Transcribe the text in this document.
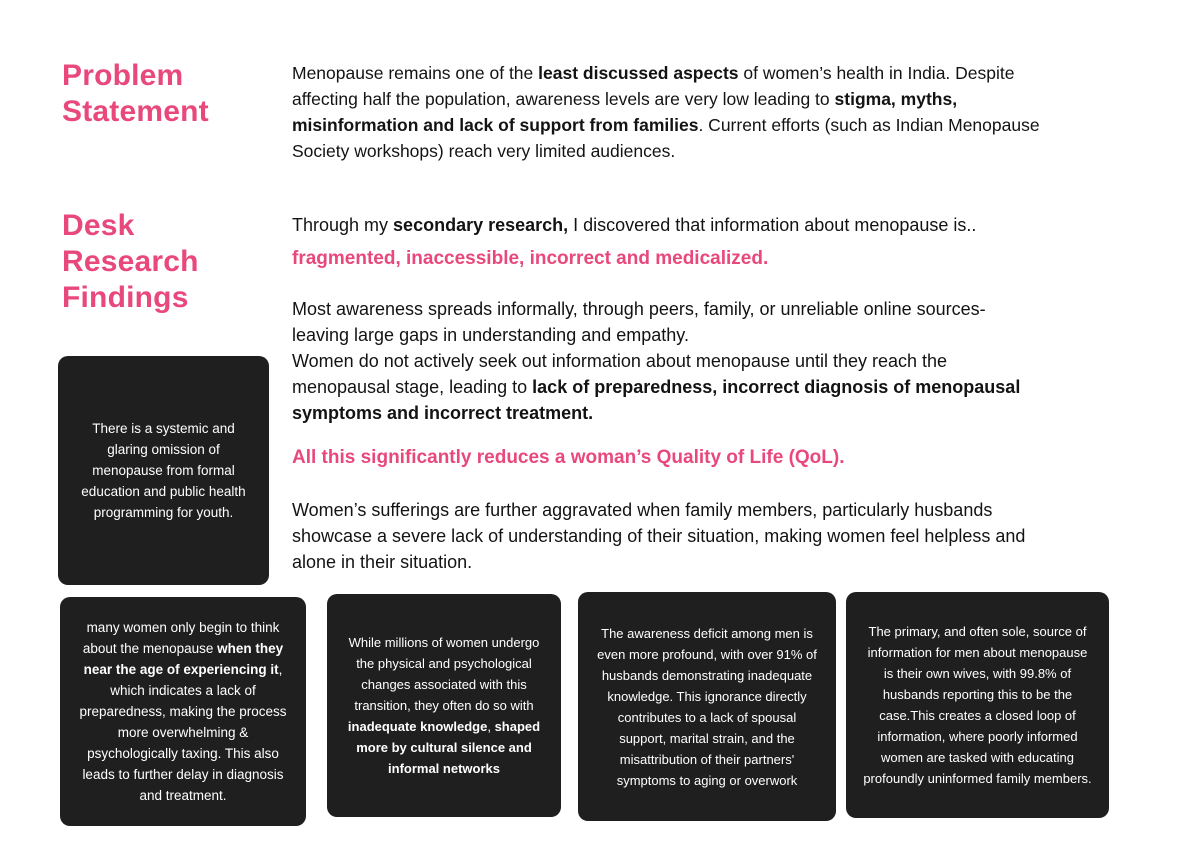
Problem Statement

Menopause remains one of the least discussed aspects of women’s health in India. Despite affecting half the population, awareness levels are very low leading to stigma, myths, misinformation and lack of support from families. Current efforts (such as Indian Menopause Society workshops) reach very limited audiences.

Desk Research Findings

Through my secondary research, I discovered that information about menopause is..

fragmented, inaccessible, incorrect and medicalized.

Most awareness spreads informally, through peers, family, or unreliable online sources- leaving large gaps in understanding and empathy.
Women do not actively seek out information about menopause until they reach the menopausal stage, leading to lack of preparedness, incorrect diagnosis of menopausal symptoms and incorrect treatment.

All this significantly reduces a woman’s Quality of Life (QoL).

Women’s sufferings are further aggravated when family members, particularly husbands showcase a severe lack of understanding of their situation, making women feel helpless and alone in their situation.

There is a systemic and glaring omission of menopause from formal education and public health programming for youth.

many women only begin to think about the menopause when they near the age of experiencing it, which indicates a lack of preparedness, making the process more overwhelming & psychologically taxing. This also leads to further delay in diagnosis and treatment.

While millions of women undergo the physical and psychological changes associated with this transition, they often do so with inadequate knowledge, shaped more by cultural silence and informal networks

The awareness deficit among men is even more profound, with over 91% of husbands demonstrating inadequate knowledge. This ignorance directly contributes to a lack of spousal support, marital strain, and the misattribution of their partners' symptoms to aging or overwork

The primary, and often sole, source of information for men about menopause is their own wives, with 99.8% of husbands reporting this to be the case.This creates a closed loop of information, where poorly informed women are tasked with educating profoundly uninformed family members.
